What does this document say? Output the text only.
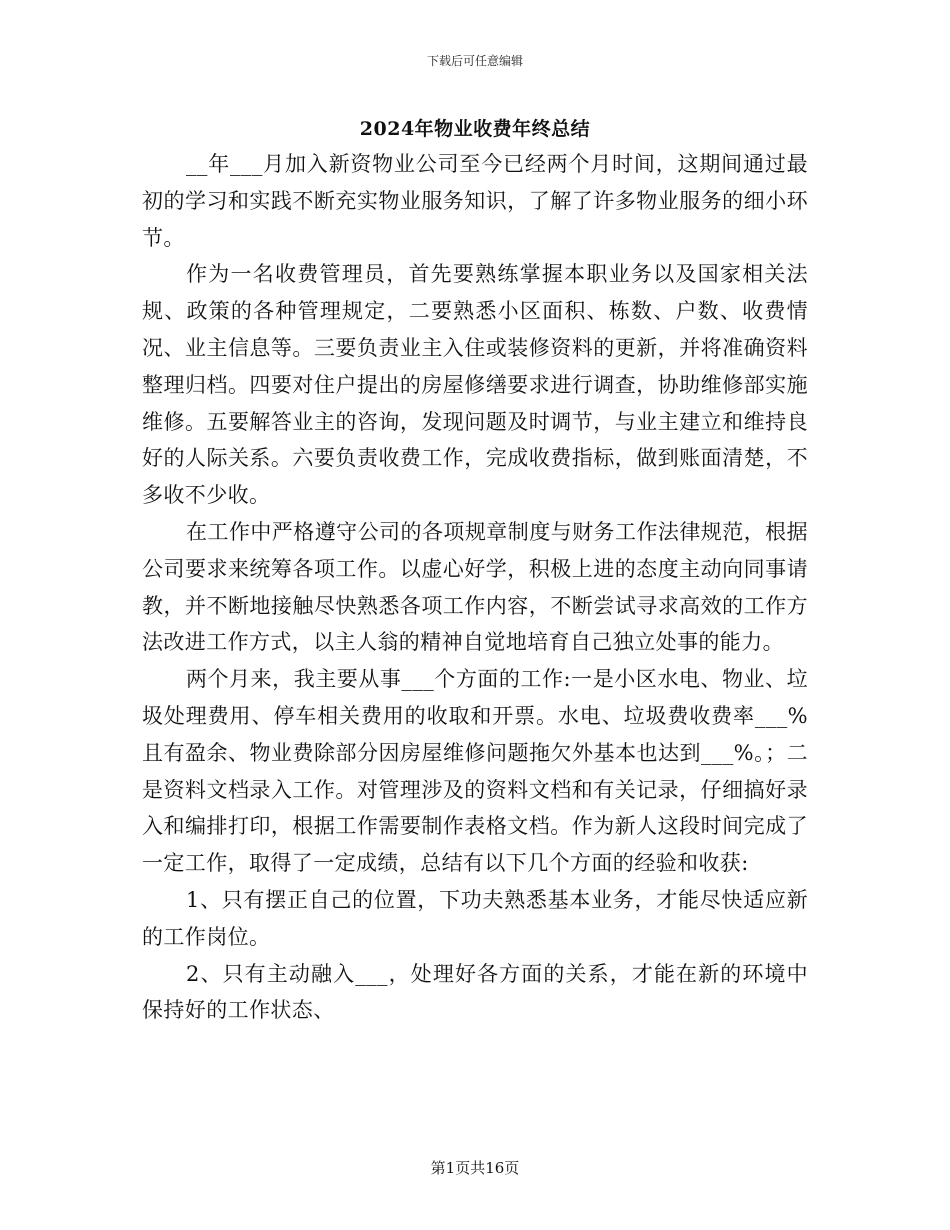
下载后可任意编辑
2024年物业收费年终总结

__年___月加入新资物业公司至今已经两个月时间，这期间通过最初的学习和实践不断充实物业服务知识，了解了许多物业服务的细小环节。

作为一名收费管理员，首先要熟练掌握本职业务以及国家相关法规、政策的各种管理规定，二要熟悉小区面积、栋数、户数、收费情况、业主信息等。三要负责业主入住或装修资料的更新，并将准确资料整理归档。四要对住户提出的房屋修缮要求进行调查，协助维修部实施维修。五要解答业主的咨询，发现问题及时调节，与业主建立和维持良好的人际关系。六要负责收费工作，完成收费指标，做到账面清楚，不多收不少收。

在工作中严格遵守公司的各项规章制度与财务工作法律规范，根据公司要求来统筹各项工作。以虚心好学，积极上进的态度主动向同事请教，并不断地接触尽快熟悉各项工作内容，不断尝试寻求高效的工作方法改进工作方式，以主人翁的精神自觉地培育自己独立处事的能力。

两个月来，我主要从事___个方面的工作:一是小区水电、物业、垃圾处理费用、停车相关费用的收取和开票。水电、垃圾费收费率___%且有盈余、物业费除部分因房屋维修问题拖欠外基本也达到___%。；二是资料文档录入工作。对管理涉及的资料文档和有关记录，仔细搞好录入和编排打印，根据工作需要制作表格文档。作为新人这段时间完成了一定工作，取得了一定成绩，总结有以下几个方面的经验和收获:

1、只有摆正自己的位置，下功夫熟悉基本业务，才能尽快适应新的工作岗位。

2、只有主动融入___，处理好各方面的关系，才能在新的环境中保持好的工作状态、

第1页共16页
